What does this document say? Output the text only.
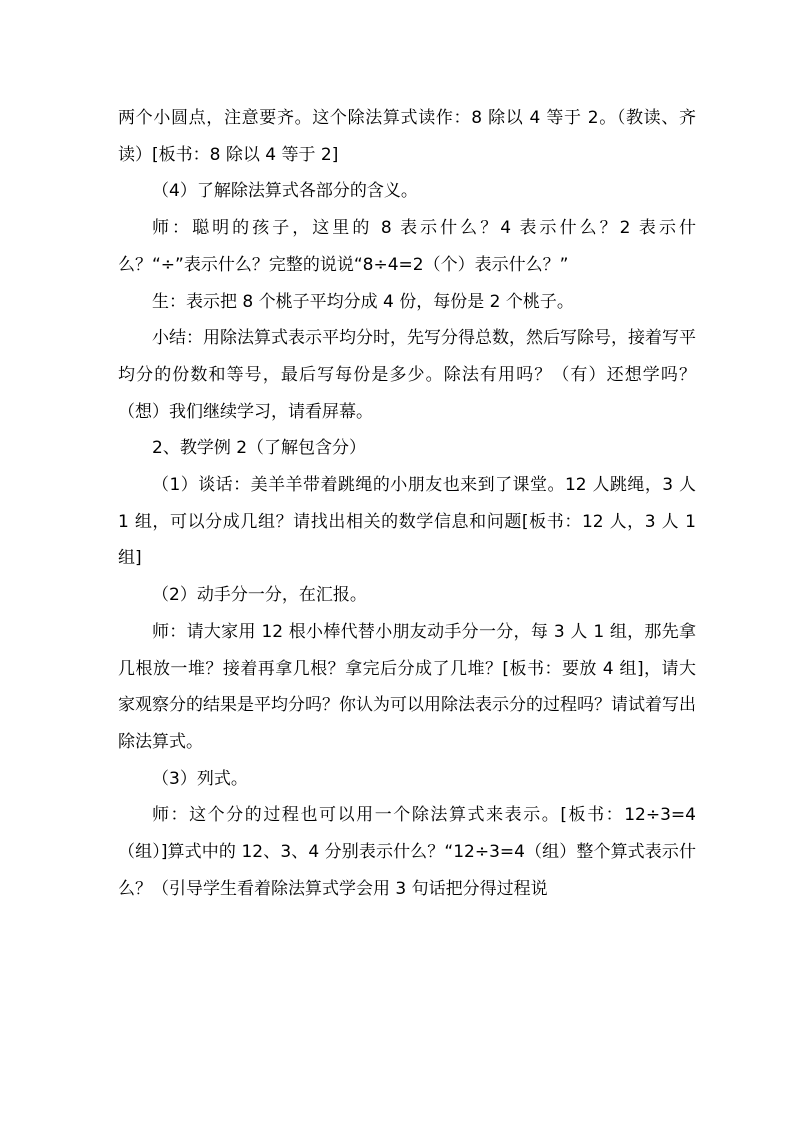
两个小圆点，注意要齐。这个除法算式读作：8 除以 4 等于 2。（教读、齐读）[板书：8 除以 4 等于 2]

（4）了解除法算式各部分的含义。

师：聪明的孩子，这里的 8 表示什么？4 表示什么？2 表示什么？“÷”表示什么？完整的说说“8÷4=2（个）表示什么？”

生：表示把 8 个桃子平均分成 4 份，每份是 2 个桃子。

小结：用除法算式表示平均分时，先写分得总数，然后写除号，接着写平均分的份数和等号，最后写每份是多少。除法有用吗？（有）还想学吗？（想）我们继续学习，请看屏幕。

2、教学例 2（了解包含分）

（1）谈话：美羊羊带着跳绳的小朋友也来到了课堂。12 人跳绳，3 人 1 组，可以分成几组？请找出相关的数学信息和问题[板书：12 人，3 人 1 组]

（2）动手分一分，在汇报。

师：请大家用 12 根小棒代替小朋友动手分一分，每 3 人 1 组，那先拿几根放一堆？接着再拿几根？拿完后分成了几堆？[板书：要放 4 组]，请大家观察分的结果是平均分吗？你认为可以用除法表示分的过程吗？请试着写出除法算式。

（3）列式。

师：这个分的过程也可以用一个除法算式来表示。[板书：12÷3=4（组）]算式中的 12、3、4 分别表示什么？“12÷3=4（组）整个算式表示什么？（引导学生看着除法算式学会用 3 句话把分得过程说
